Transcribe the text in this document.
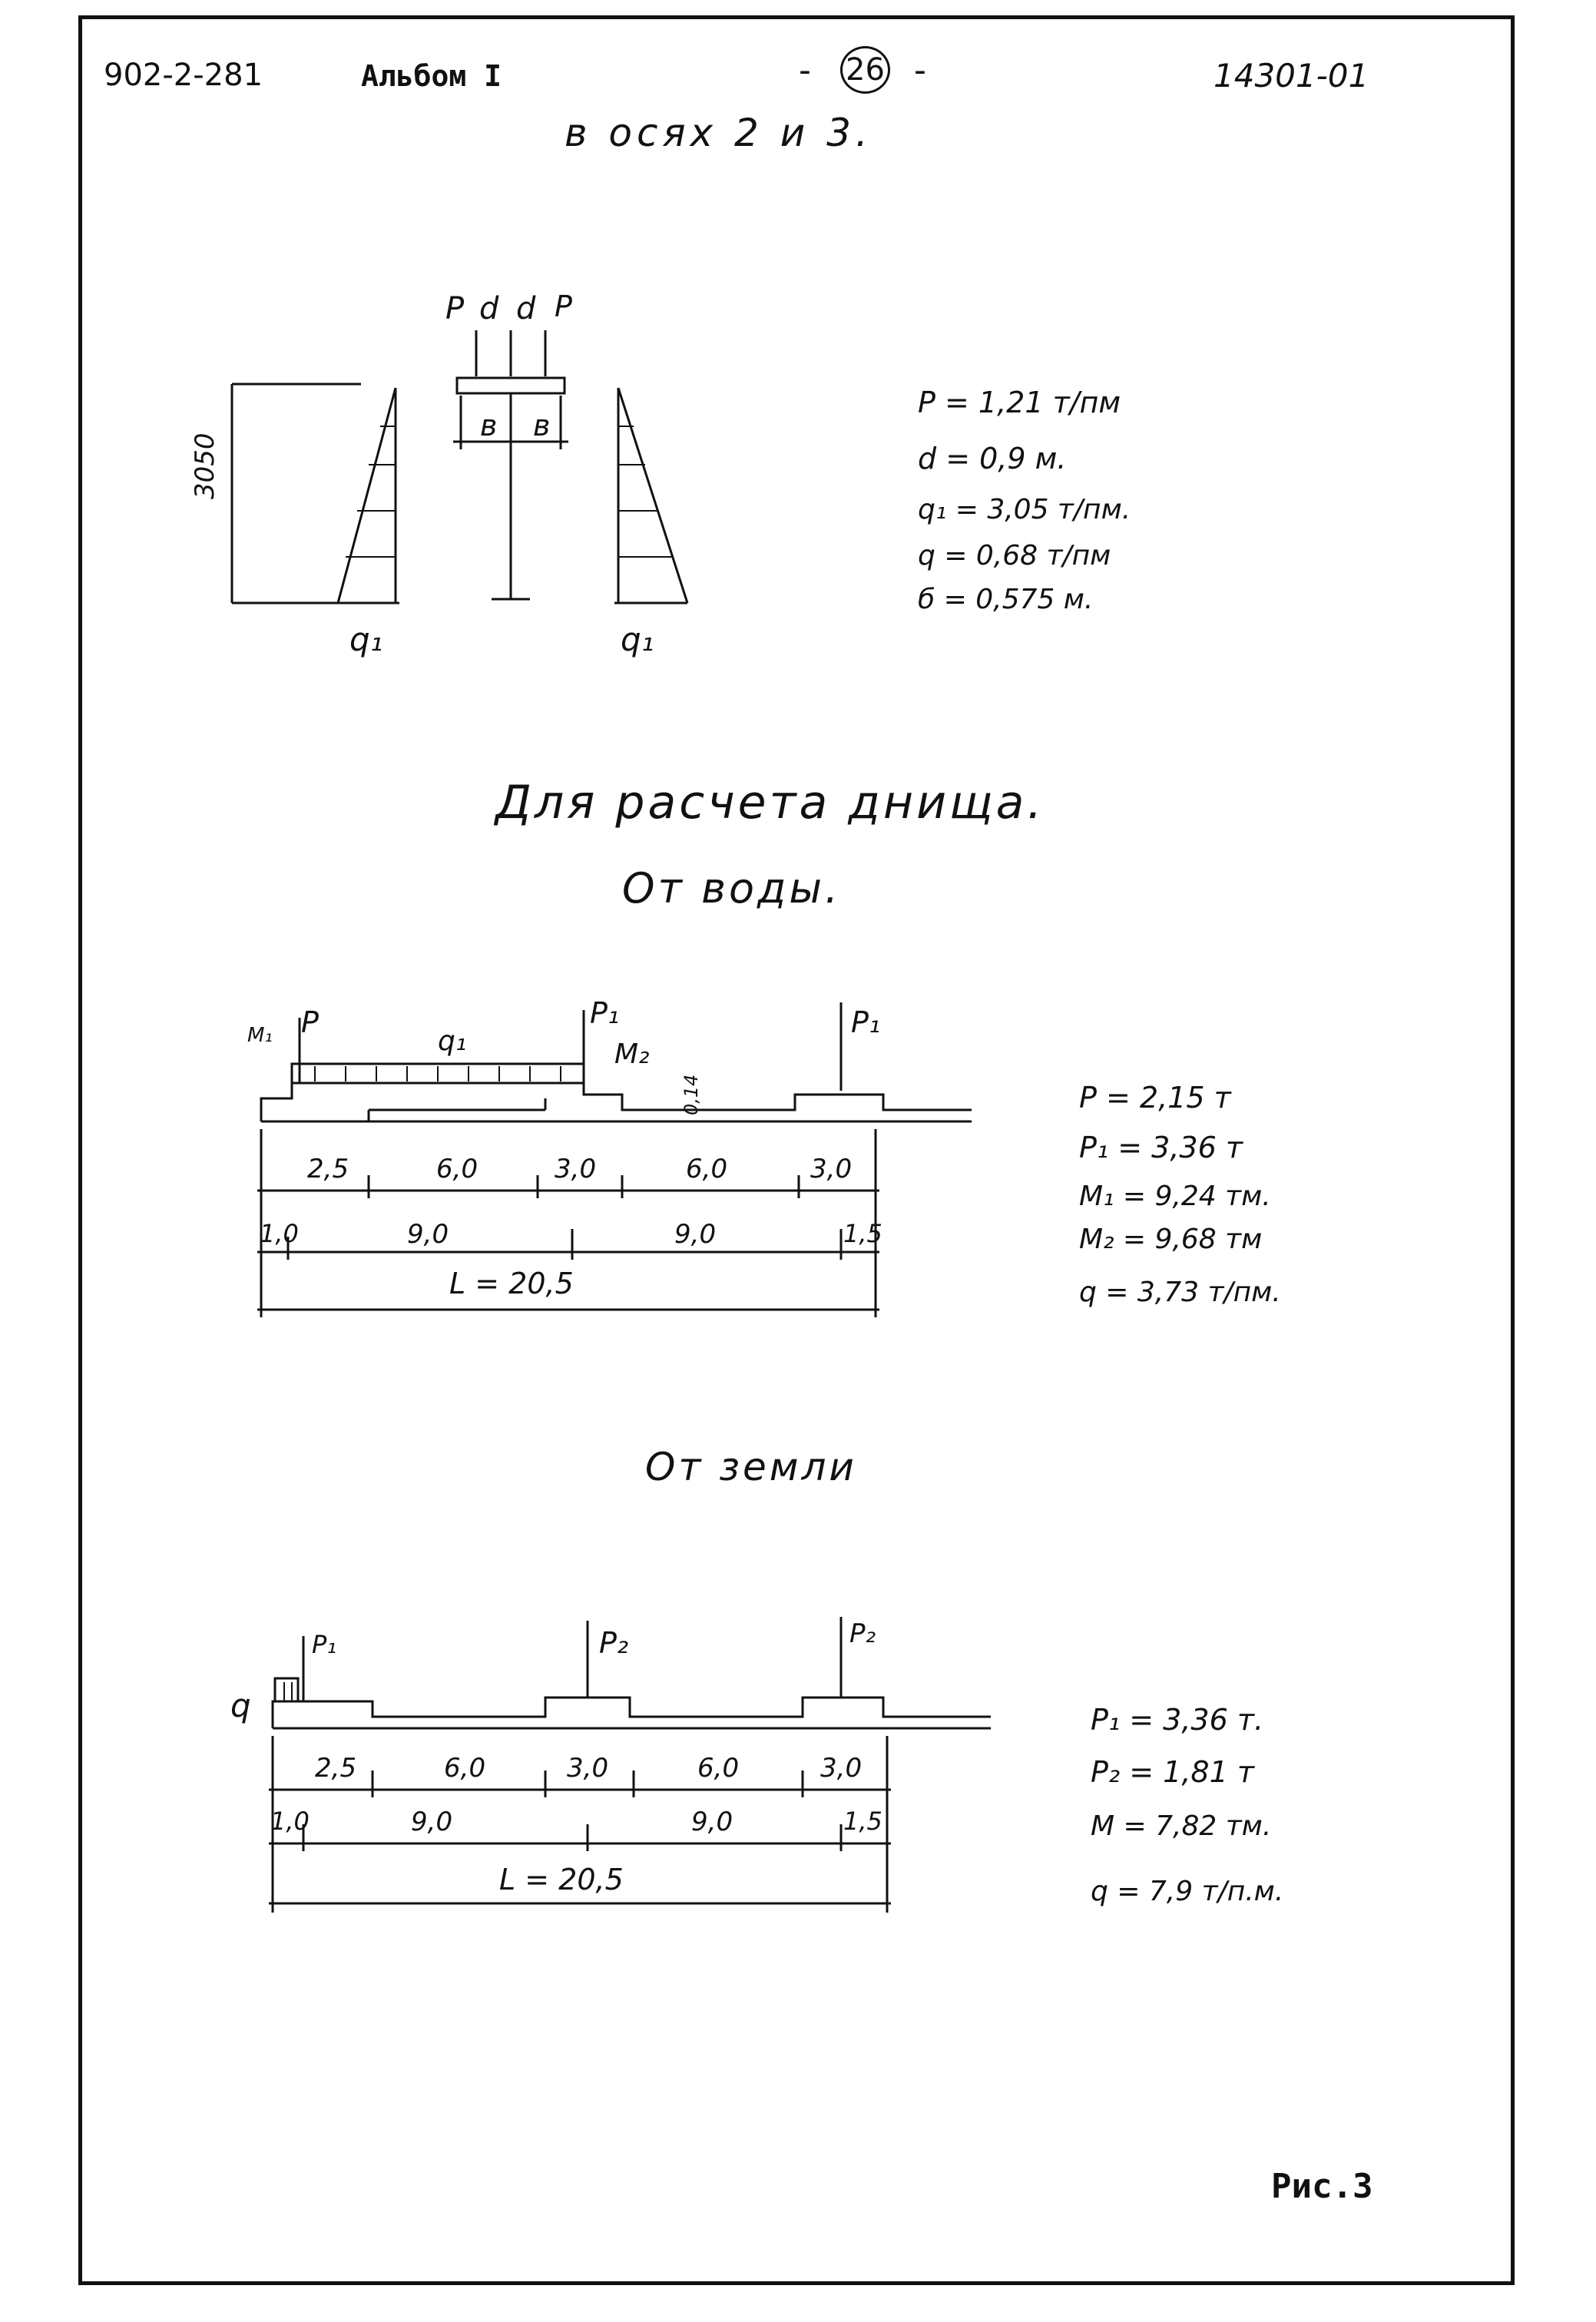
902-2-281	Альбом I	- 26 -	14301-01
в осях 2 и 3.
3050
P d d P
в в
q₁	q₁
P = 1,21 т/пм
d = 0,9 м.
q₁ = 3,05 т/пм.
q = 0,68 т/пм
б = 0,575 м.
Для расчета днища.
От воды.
M₁ P
q₁
P₁
M₂
0,14
P₁
2,5	6,0	3,0	6,0	3,0
1,0	9,0	9,0	1,5
L = 20,5
P = 2,15 т
P₁ = 3,36 т
M₁ = 9,24 тм.
M₂ = 9,68 тм
q = 3,73 т/пм.
От земли
q
P₁	P₂	P₂
2,5	6,0	3,0	6,0	3,0
1,0	9,0	9,0	1,5
L = 20,5
P₁ = 3,36 т.
P₂ = 1,81 т
M = 7,82 тм.
q = 7,9 т/п.м.
Рис.3
